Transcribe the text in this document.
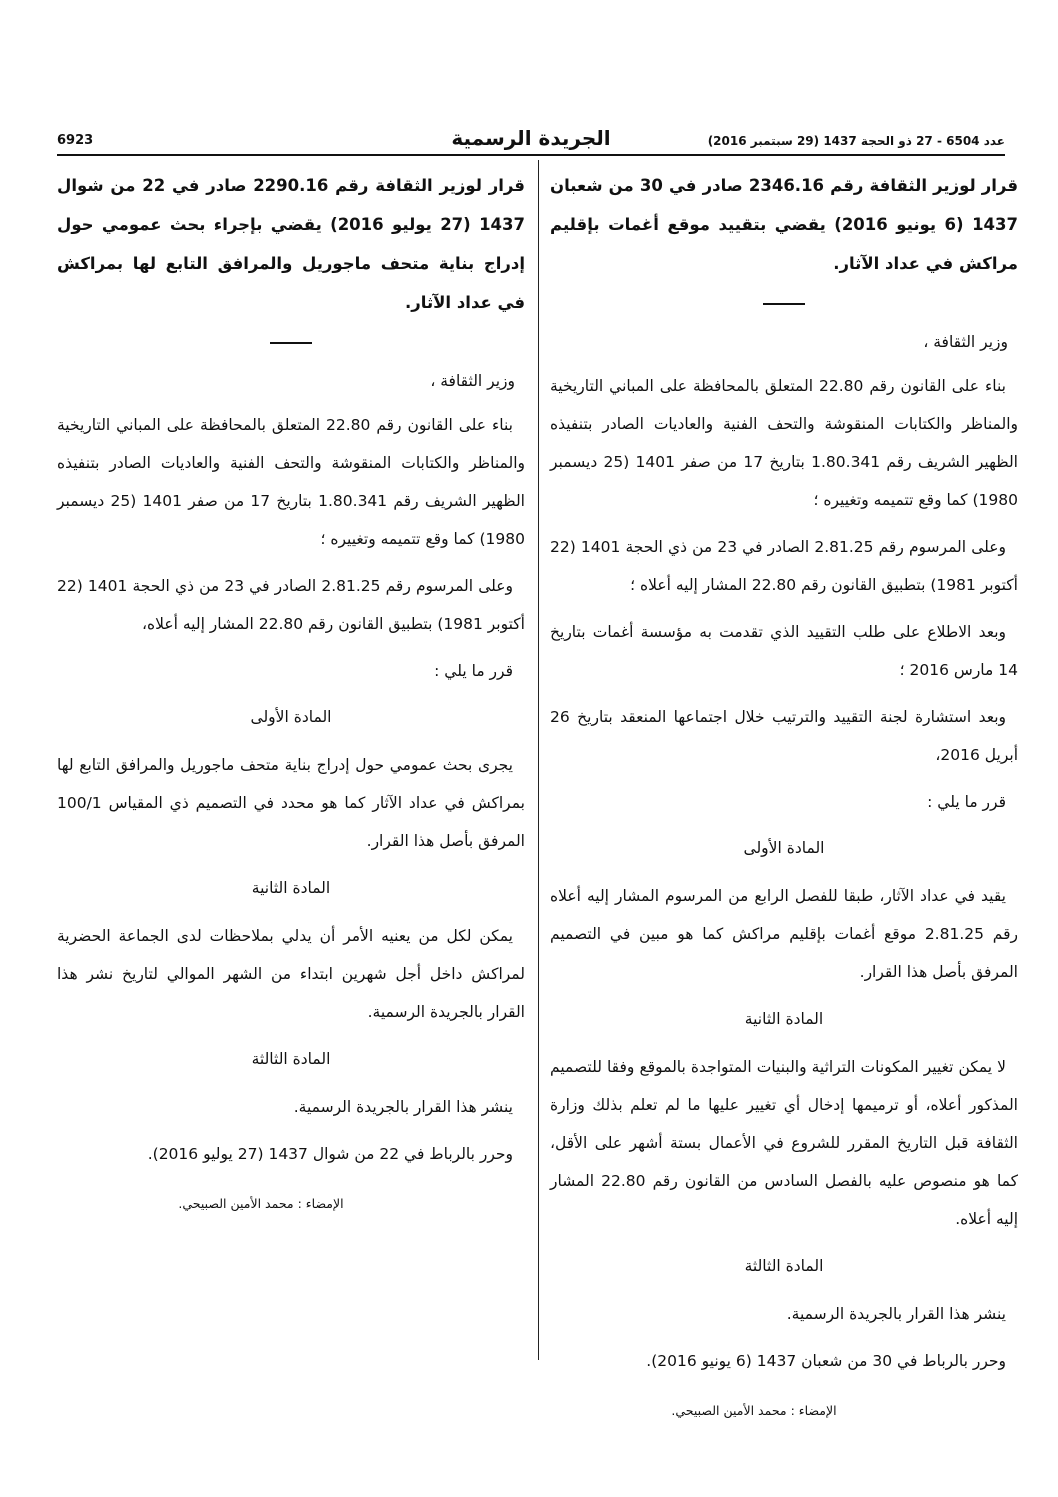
6923	الجريدة الرسمية	عدد 6504 - 27 ذو الحجة 1437 (29 سبتمبر 2016)

قرار لوزير الثقافة رقم 2346.16 صادر في 30 من شعبان 1437 (6 يونيو 2016) يقضي بتقييد موقع أغمات بإقليم مراكش في عداد الآثار.

وزير الثقافة ،

بناء على القانون رقم 22.80 المتعلق بالمحافظة على المباني التاريخية والمناظر والكتابات المنقوشة والتحف الفنية والعاديات الصادر بتنفيذه الظهير الشريف رقم 1.80.341 بتاريخ 17 من صفر 1401 (25 ديسمبر 1980) كما وقع تتميمه وتغييره ؛

وعلى المرسوم رقم 2.81.25 الصادر في 23 من ذي الحجة 1401 (22 أكتوبر 1981) بتطبيق القانون رقم 22.80 المشار إليه أعلاه ؛

وبعد الاطلاع على طلب التقييد الذي تقدمت به مؤسسة أغمات بتاريخ 14 مارس 2016 ؛

وبعد استشارة لجنة التقييد والترتيب خلال اجتماعها المنعقد بتاريخ 26 أبريل 2016،

قرر ما يلي :

المادة الأولى

يقيد في عداد الآثار، طبقا للفصل الرابع من المرسوم المشار إليه أعلاه رقم 2.81.25 موقع أغمات بإقليم مراكش كما هو مبين في التصميم المرفق بأصل هذا القرار.

المادة الثانية

لا يمكن تغيير المكونات التراثية والبنيات المتواجدة بالموقع وفقا للتصميم المذكور أعلاه، أو ترميمها إدخال أي تغيير عليها ما لم تعلم بذلك وزارة الثقافة قبل التاريخ المقرر للشروع في الأعمال بستة أشهر على الأقل، كما هو منصوص عليه بالفصل السادس من القانون رقم 22.80 المشار إليه أعلاه.

المادة الثالثة

ينشر هذا القرار بالجريدة الرسمية.

وحرر بالرباط في 30 من شعبان 1437 (6 يونيو 2016).

الإمضاء : محمد الأمين الصبيحي.

قرار لوزير الثقافة رقم 2290.16 صادر في 22 من شوال 1437 (27 يوليو 2016) يقضي بإجراء بحث عمومي حول إدراج بناية متحف ماجوريل والمرافق التابع لها بمراكش في عداد الآثار.

وزير الثقافة ،

بناء على القانون رقم 22.80 المتعلق بالمحافظة على المباني التاريخية والمناظر والكتابات المنقوشة والتحف الفنية والعاديات الصادر بتنفيذه الظهير الشريف رقم 1.80.341 بتاريخ 17 من صفر 1401 (25 ديسمبر 1980) كما وقع تتميمه وتغييره ؛

وعلى المرسوم رقم 2.81.25 الصادر في 23 من ذي الحجة 1401 (22 أكتوبر 1981) بتطبيق القانون رقم 22.80 المشار إليه أعلاه،

قرر ما يلي :

المادة الأولى

يجرى بحث عمومي حول إدراج بناية متحف ماجوريل والمرافق التابع لها بمراكش في عداد الآثار كما هو محدد في التصميم ذي المقياس 100/1 المرفق بأصل هذا القرار.

المادة الثانية

يمكن لكل من يعنيه الأمر أن يدلي بملاحظات لدى الجماعة الحضرية لمراكش داخل أجل شهرين ابتداء من الشهر الموالي لتاريخ نشر هذا القرار بالجريدة الرسمية.

المادة الثالثة

ينشر هذا القرار بالجريدة الرسمية.

وحرر بالرباط في 22 من شوال 1437 (27 يوليو 2016).

الإمضاء : محمد الأمين الصبيحي.
